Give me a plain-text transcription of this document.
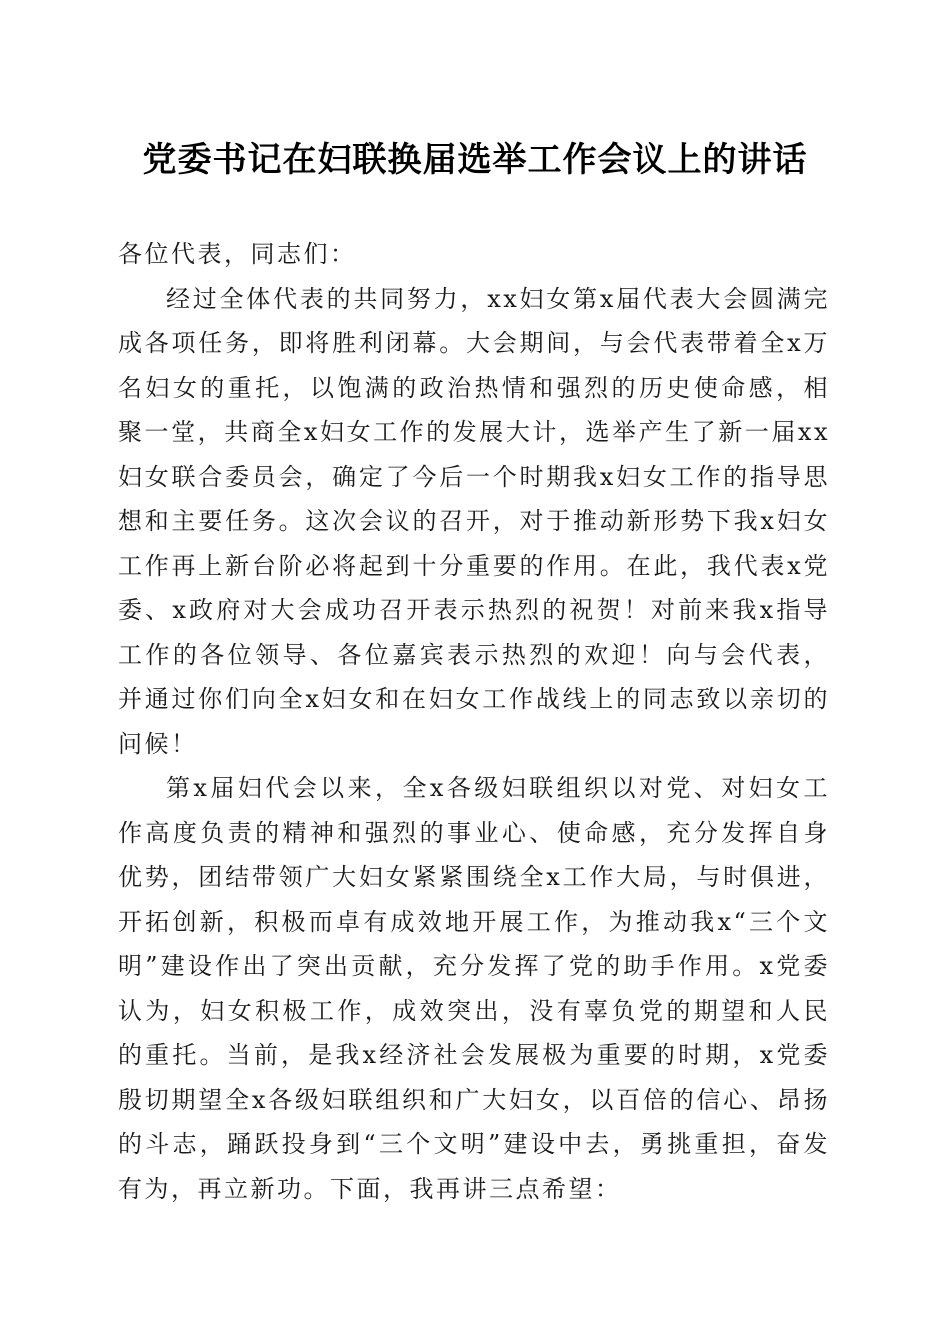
党委书记在妇联换届选举工作会议上的讲话

各位代表，同志们：

经过全体代表的共同努力，xx妇女第x届代表大会圆满完成各项任务，即将胜利闭幕。大会期间，与会代表带着全x万名妇女的重托，以饱满的政治热情和强烈的历史使命感，相聚一堂，共商全x妇女工作的发展大计，选举产生了新一届xx妇女联合委员会，确定了今后一个时期我x妇女工作的指导思想和主要任务。这次会议的召开，对于推动新形势下我x妇女工作再上新台阶必将起到十分重要的作用。在此，我代表x党委、x政府对大会成功召开表示热烈的祝贺！对前来我x指导工作的各位领导、各位嘉宾表示热烈的欢迎！向与会代表，并通过你们向全x妇女和在妇女工作战线上的同志致以亲切的问候！

第x届妇代会以来，全x各级妇联组织以对党、对妇女工作高度负责的精神和强烈的事业心、使命感，充分发挥自身优势，团结带领广大妇女紧紧围绕全x工作大局，与时俱进，开拓创新，积极而卓有成效地开展工作，为推动我x“三个文明”建设作出了突出贡献，充分发挥了党的助手作用。x党委认为，妇女积极工作，成效突出，没有辜负党的期望和人民的重托。当前，是我x经济社会发展极为重要的时期，x党委殷切期望全x各级妇联组织和广大妇女，以百倍的信心、昂扬的斗志，踊跃投身到“三个文明”建设中去，勇挑重担，奋发有为，再立新功。下面，我再讲三点希望：
